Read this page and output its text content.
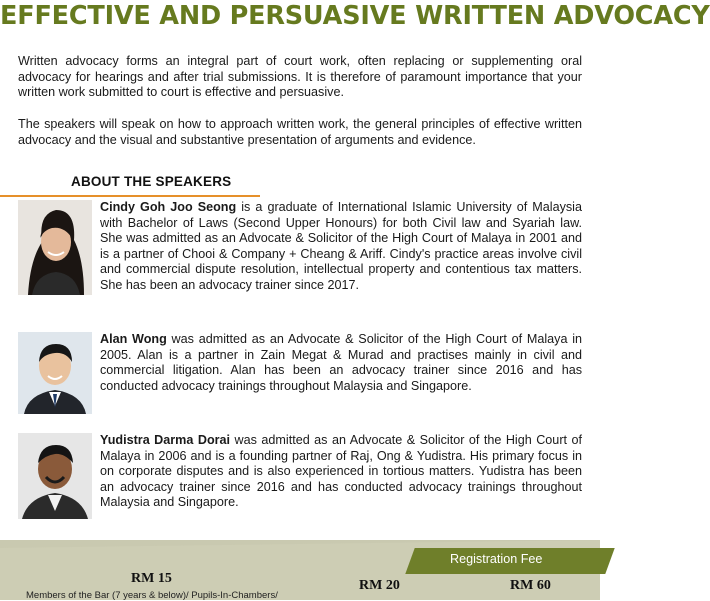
EFFECTIVE AND PERSUASIVE WRITTEN ADVOCACY

Written advocacy forms an integral part of court work, often replacing or supplementing oral advocacy for hearings and after trial submissions. It is therefore of paramount importance that your written work submitted to court is effective and persuasive.

The speakers will speak on how to approach written work, the general principles of effective written advocacy and the visual and substantive presentation of arguments and evidence.

ABOUT THE SPEAKERS

Cindy Goh Joo Seong is a graduate of International Islamic University of Malaysia with Bachelor of Laws (Second Upper Honours) for both Civil law and Syariah law. She was admitted as an Advocate & Solicitor of the High Court of Malaya in 2001 and is a partner of Chooi & Company + Cheang & Ariff. Cindy's practice areas involve civil and commercial dispute resolution, intellectual property and contentious tax matters. She has been an advocacy trainer since 2017.

Alan Wong was admitted as an Advocate & Solicitor of the High Court of Malaya in 2005. Alan is a partner in Zain Megat & Murad and practises mainly in civil and commercial litigation. Alan has been an advocacy trainer since 2016 and has conducted advocacy trainings throughout Malaysia and Singapore.

Yudistra Darma Dorai was admitted as an Advocate & Solicitor of the High Court of Malaya in 2006 and is a founding partner of Raj, Ong & Yudistra. His primary focus in on corporate disputes and is also experienced in tortious matters. Yudistra has been an advocacy trainer since 2016 and has conducted advocacy trainings throughout Malaysia and Singapore.

Registration Fee
RM 15
Members of the Bar (7 years & below)/ Pupils-In-Chambers/
RM 20	RM 60
